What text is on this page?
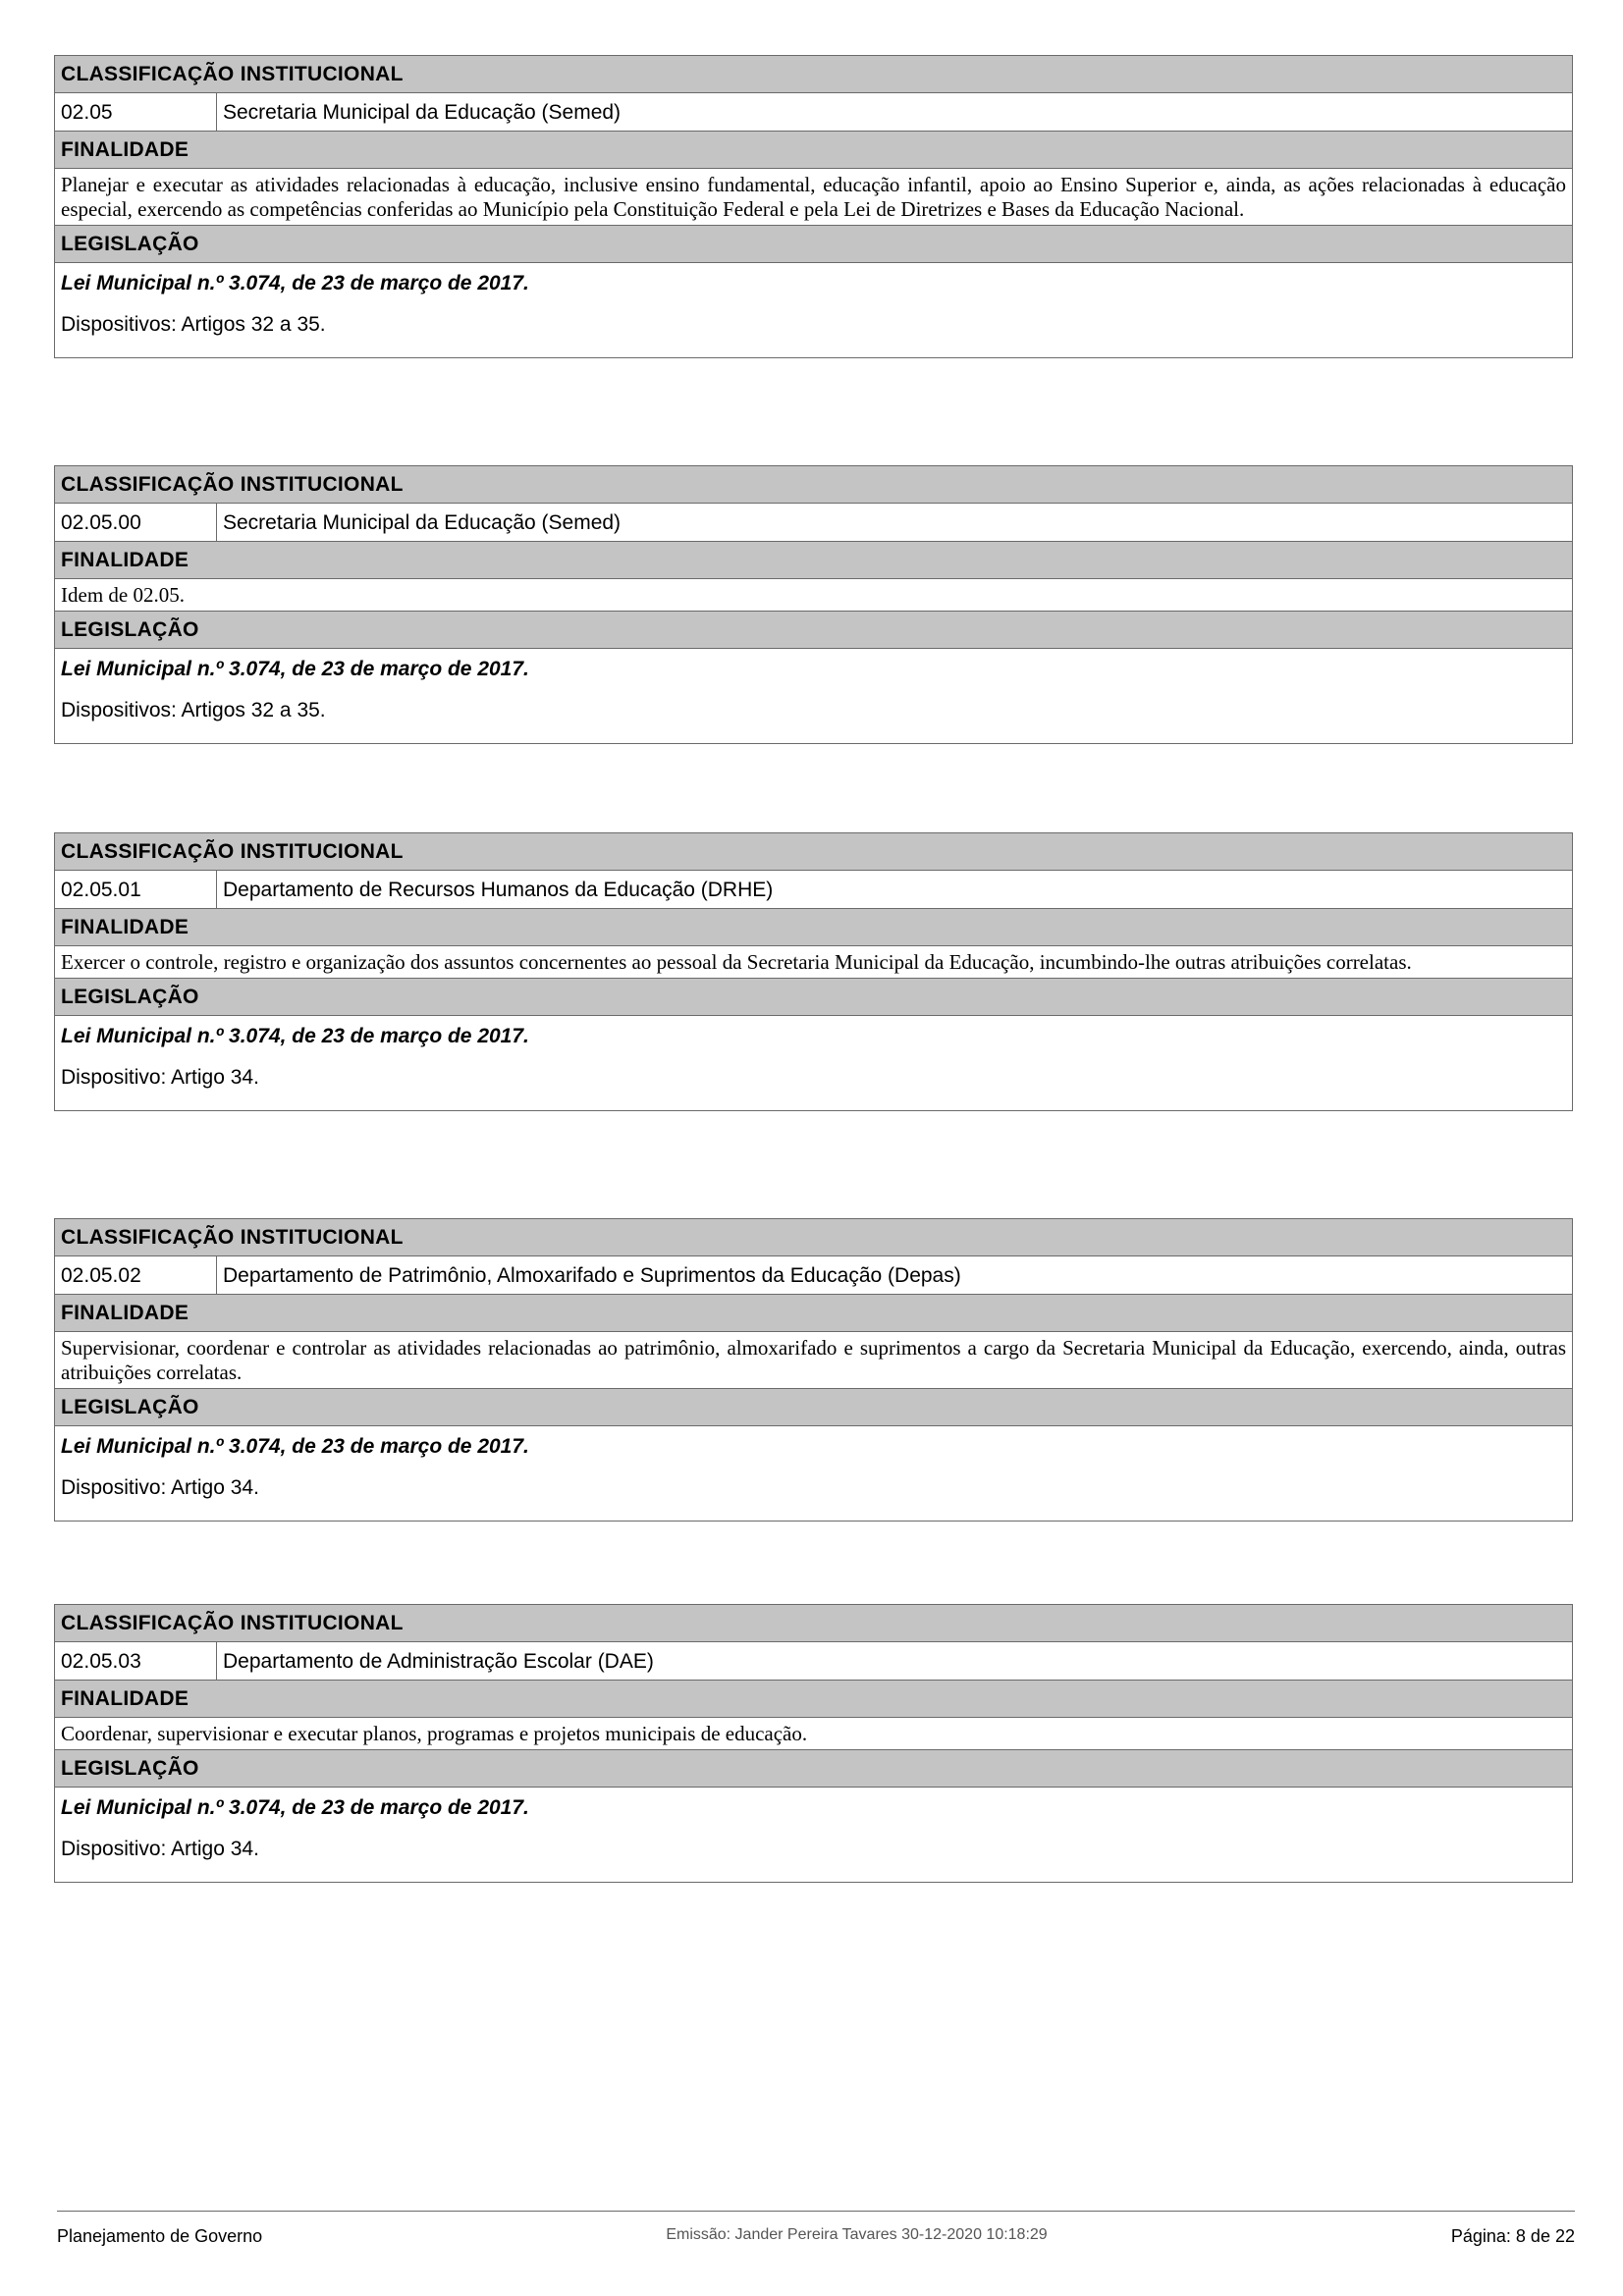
CLASSIFICAÇÃO INSTITUCIONAL
02.05	Secretaria Municipal da Educação (Semed)
FINALIDADE
Planejar e executar as atividades relacionadas à educação, inclusive ensino fundamental, educação infantil, apoio ao Ensino Superior e, ainda, as ações relacionadas à educação especial, exercendo as competências conferidas ao Município pela Constituição Federal e pela Lei de Diretrizes e Bases da Educação Nacional.
LEGISLAÇÃO
Lei Municipal n.º 3.074, de 23 de março de 2017.
Dispositivos: Artigos 32 a 35.
CLASSIFICAÇÃO INSTITUCIONAL
02.05.00	Secretaria Municipal da Educação (Semed)
FINALIDADE
Idem de 02.05.
LEGISLAÇÃO
Lei Municipal n.º 3.074, de 23 de março de 2017.
Dispositivos: Artigos 32 a 35.
CLASSIFICAÇÃO INSTITUCIONAL
02.05.01	Departamento de Recursos Humanos da Educação (DRHE)
FINALIDADE
Exercer o controle, registro e organização dos assuntos concernentes ao pessoal da Secretaria Municipal da Educação, incumbindo-lhe outras atribuições correlatas.
LEGISLAÇÃO
Lei Municipal n.º 3.074, de 23 de março de 2017.
Dispositivo: Artigo 34.
CLASSIFICAÇÃO INSTITUCIONAL
02.05.02	Departamento de Patrimônio, Almoxarifado e Suprimentos da Educação (Depas)
FINALIDADE
Supervisionar, coordenar e controlar as atividades relacionadas ao patrimônio, almoxarifado e suprimentos a cargo da Secretaria Municipal da Educação, exercendo, ainda, outras atribuições correlatas.
LEGISLAÇÃO
Lei Municipal n.º 3.074, de 23 de março de 2017.
Dispositivo: Artigo 34.
CLASSIFICAÇÃO INSTITUCIONAL
02.05.03	Departamento de Administração Escolar (DAE)
FINALIDADE
Coordenar, supervisionar e executar planos, programas e projetos municipais de educação.
LEGISLAÇÃO
Lei Municipal n.º 3.074, de 23 de março de 2017.
Dispositivo: Artigo 34.
Planejamento de Governo	Emissão: Jander Pereira Tavares 30-12-2020 10:18:29	Página: 8 de 22
